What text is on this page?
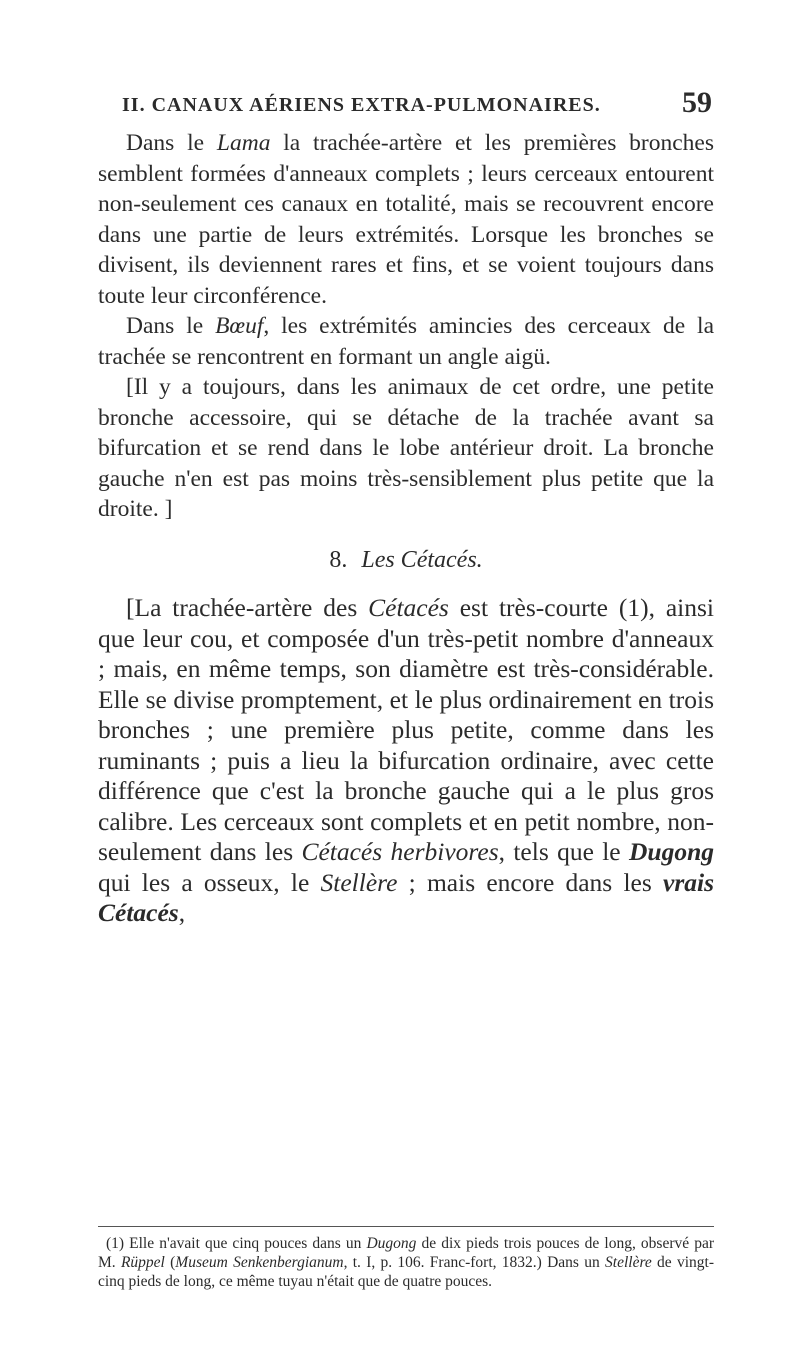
II. CANAUX AÉRIENS EXTRA-PULMONAIRES.	59

Dans le Lama la trachée-artère et les premières bronches semblent formées d'anneaux complets ; leurs cerceaux entourent non-seulement ces canaux en totalité, mais se recouvrent encore dans une partie de leurs extrémités. Lorsque les bronches se divisent, ils deviennent rares et fins, et se voient toujours dans toute leur circonférence.

Dans le Bœuf, les extrémités amincies des cerceaux de la trachée se rencontrent en formant un angle aigü.

[Il y a toujours, dans les animaux de cet ordre, une petite bronche accessoire, qui se détache de la trachée avant sa bifurcation et se rend dans le lobe antérieur droit. La bronche gauche n'en est pas moins très-sensiblement plus petite que la droite. ]

8. Les Cétacés.

[La trachée-artère des Cétacés est très-courte (1), ainsi que leur cou, et composée d'un très-petit nombre d'anneaux ; mais, en même temps, son diamètre est très-considérable. Elle se divise promptement, et le plus ordinairement en trois bronches ; une première plus petite, comme dans les ruminants ; puis a lieu la bifurcation ordinaire, avec cette différence que c'est la bronche gauche qui a le plus gros calibre. Les cerceaux sont complets et en petit nombre, non-seulement dans les Cétacés herbivores, tels que le Dugong qui les a osseux, le Stellère ; mais encore dans les vrais Cétacés,

(1) Elle n'avait que cinq pouces dans un Dugong de dix pieds trois pouces de long, observé par M. Rüppel (Museum Senkenbergianum, t. I, p. 106. Franc-fort, 1832.) Dans un Stellère de vingt-cinq pieds de long, ce même tuyau n'était que de quatre pouces.
